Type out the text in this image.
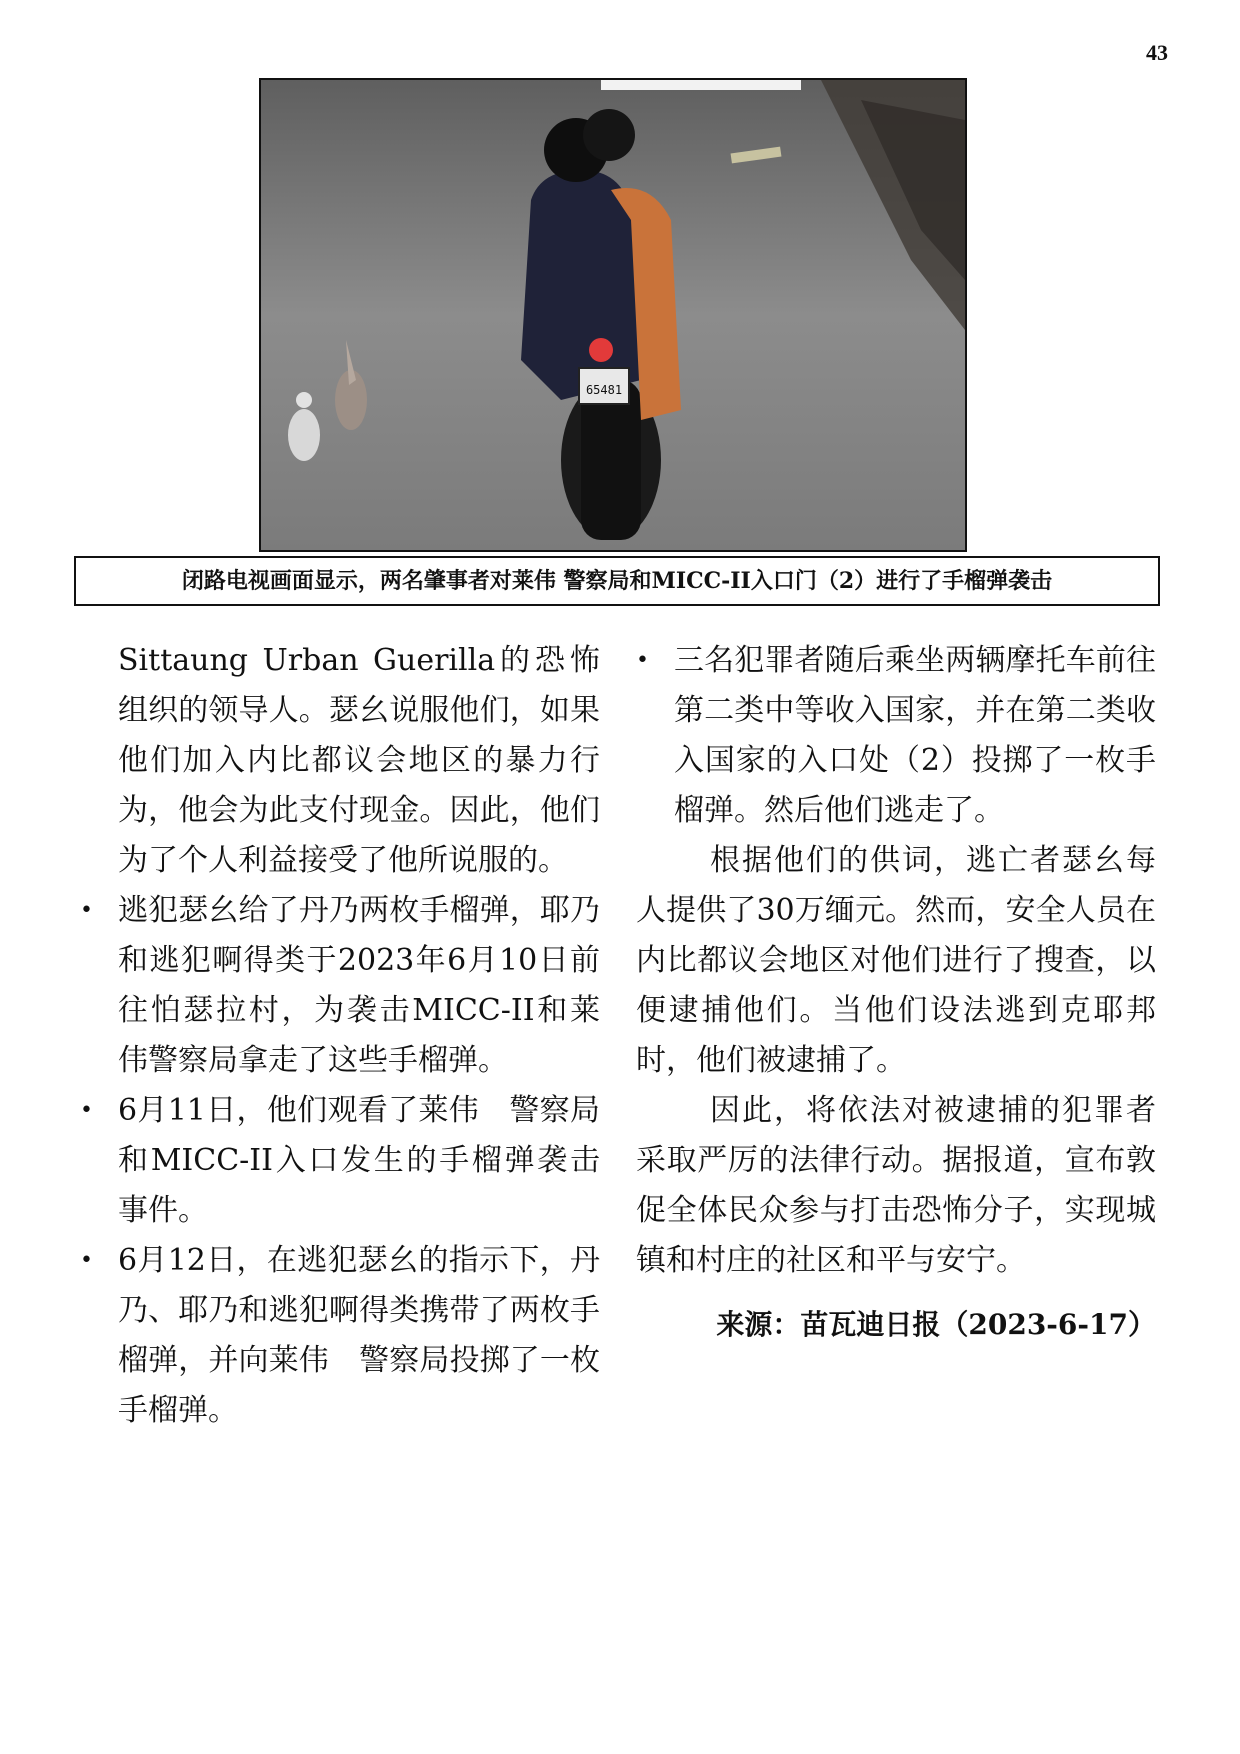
43
65481
闭路电视画面显示，两名肇事者对莱伟 警察局和MICC-II入口门（2）进行了手榴弹袭击

Sittaung Urban Guerilla的恐怖组织的领导人。瑟幺说服他们，如果他们加入内比都议会地区的暴力行为，他会为此支付现金。因此，他们为了个人利益接受了他所说服的。

• 逃犯瑟幺给了丹乃两枚手榴弹，耶乃和逃犯啊得类于2023年6月10日前往怕瑟拉村，为袭击MICC-II和莱伟警察局拿走了这些手榴弹。

• 6月11日，他们观看了莱伟　警察局和MICC-II入口发生的手榴弹袭击事件。

• 6月12日，在逃犯瑟幺的指示下，丹乃、耶乃和逃犯啊得类携带了两枚手榴弹，并向莱伟　警察局投掷了一枚手榴弹。

• 三名犯罪者随后乘坐两辆摩托车前往第二类中等收入国家，并在第二类收入国家的入口处（2）投掷了一枚手榴弹。然后他们逃走了。

根据他们的供词，逃亡者瑟幺每人提供了30万缅元。然而，安全人员在内比都议会地区对他们进行了搜查，以便逮捕他们。当他们设法逃到克耶邦时，他们被逮捕了。

因此，将依法对被逮捕的犯罪者采取严厉的法律行动。据报道，宣布敦促全体民众参与打击恐怖分子，实现城镇和村庄的社区和平与安宁。

来源：苗瓦迪日报（2023-6-17）
